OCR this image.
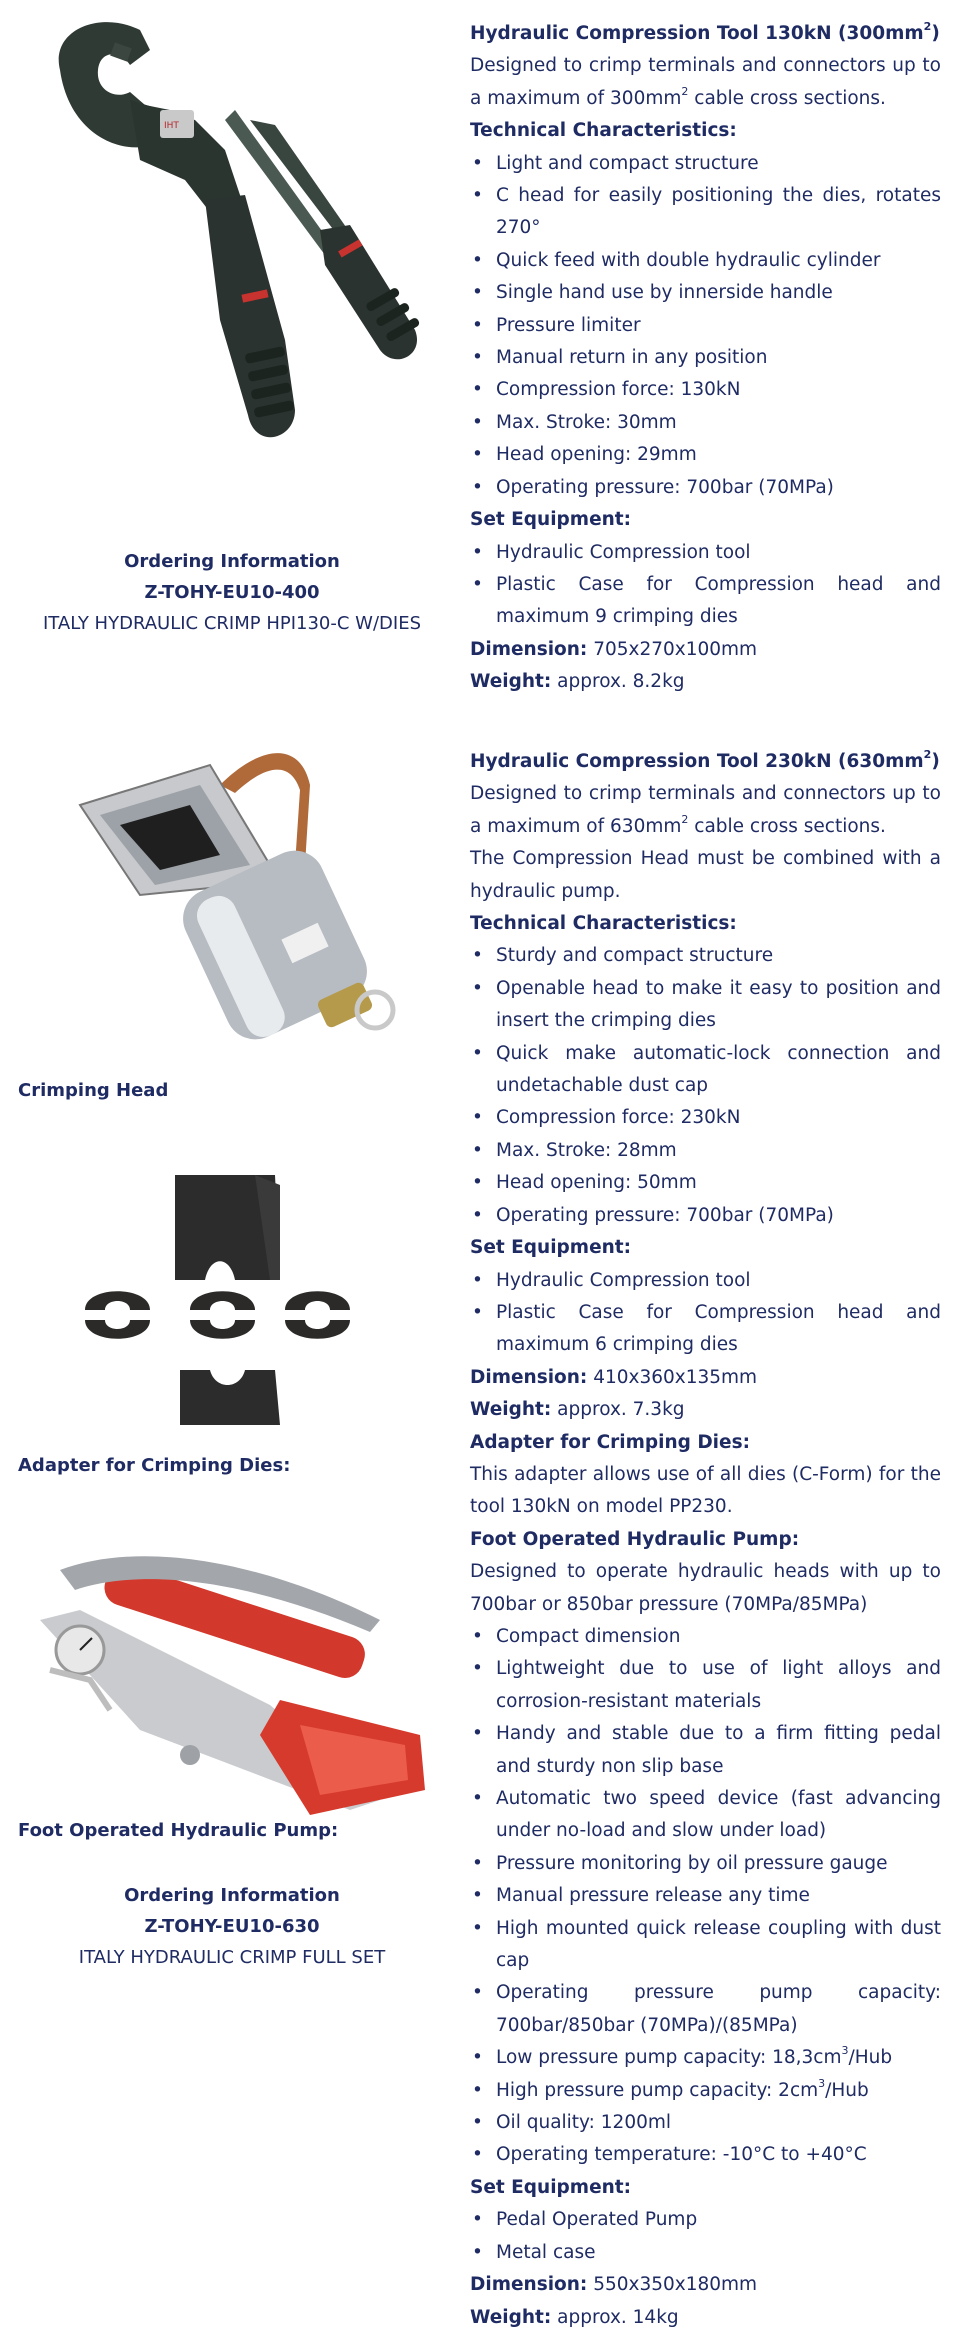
IHT
Ordering Information
Z-TOHY-EU10-400
ITALY HYDRAULIC CRIMP HPI130-C W/DIES
Crimping Head
Adapter for Crimping Dies:
Foot Operated Hydraulic Pump:
Ordering Information
Z-TOHY-EU10-630
ITALY HYDRAULIC CRIMP FULL SET

Hydraulic Compression Tool 130kN $(300mm^2)$

Designed to crimp terminals and connectors up to a maximum of $300mm^2$ cable cross sections.

Technical Characteristics:

• Light and compact structure
• C head for easily positioning the dies, rotates 270°
• Quick feed with double hydraulic cylinder
• Single hand use by innerside handle
• Pressure limiter
• Manual return in any position
• Compression force: 130kN
• Max. Stroke: 30mm
• Head opening: 29mm
• Operating pressure: 700bar (70MPa)

Set Equipment:

• Hydraulic Compression tool
• Plastic Case for Compression head and maximum 9 crimping dies

Dimension: 705x270x100mm

Weight: approx. 8.2kg

Hydraulic Compression Tool 230kN $(630mm^2)$

Designed to crimp terminals and connectors up to a maximum of $630mm^2$ cable cross sections.

The Compression Head must be combined with a hydraulic pump.

Technical Characteristics:

• Sturdy and compact structure
• Openable head to make it easy to position and insert the crimping dies
• Quick make automatic-lock connection and undetachable dust cap
• Compression force: 230kN
• Max. Stroke: 28mm
• Head opening: 50mm
• Operating pressure: 700bar (70MPa)

Set Equipment:

• Hydraulic Compression tool
• Plastic Case for Compression head and maximum 6 crimping dies

Dimension: 410x360x135mm

Weight: approx. 7.3kg

Adapter for Crimping Dies:

This adapter allows use of all dies (C-Form) for the tool 130kN on model PP230.

Foot Operated Hydraulic Pump:

Designed to operate hydraulic heads with up to 700bar or 850bar pressure (70MPa/85MPa)

• Compact dimension
• Lightweight due to use of light alloys and corrosion-resistant materials
• Handy and stable due to a firm fitting pedal and sturdy non slip base
• Automatic two speed device (fast advancing under no-load and slow under load)
• Pressure monitoring by oil pressure gauge
• Manual pressure release any time
• High mounted quick release coupling with dust cap
• Operating pressure pump capacity: 700bar/850bar (70MPa)/(85MPa)
• Low pressure pump capacity: $18,3cm^3$/Hub
• High pressure pump capacity: $2cm^3$/Hub
• Oil quality: 1200ml
• Operating temperature: -10°C to +40°C

Set Equipment:

• Pedal Operated Pump
• Metal case

Dimension: 550x350x180mm

Weight: approx. 14kg
